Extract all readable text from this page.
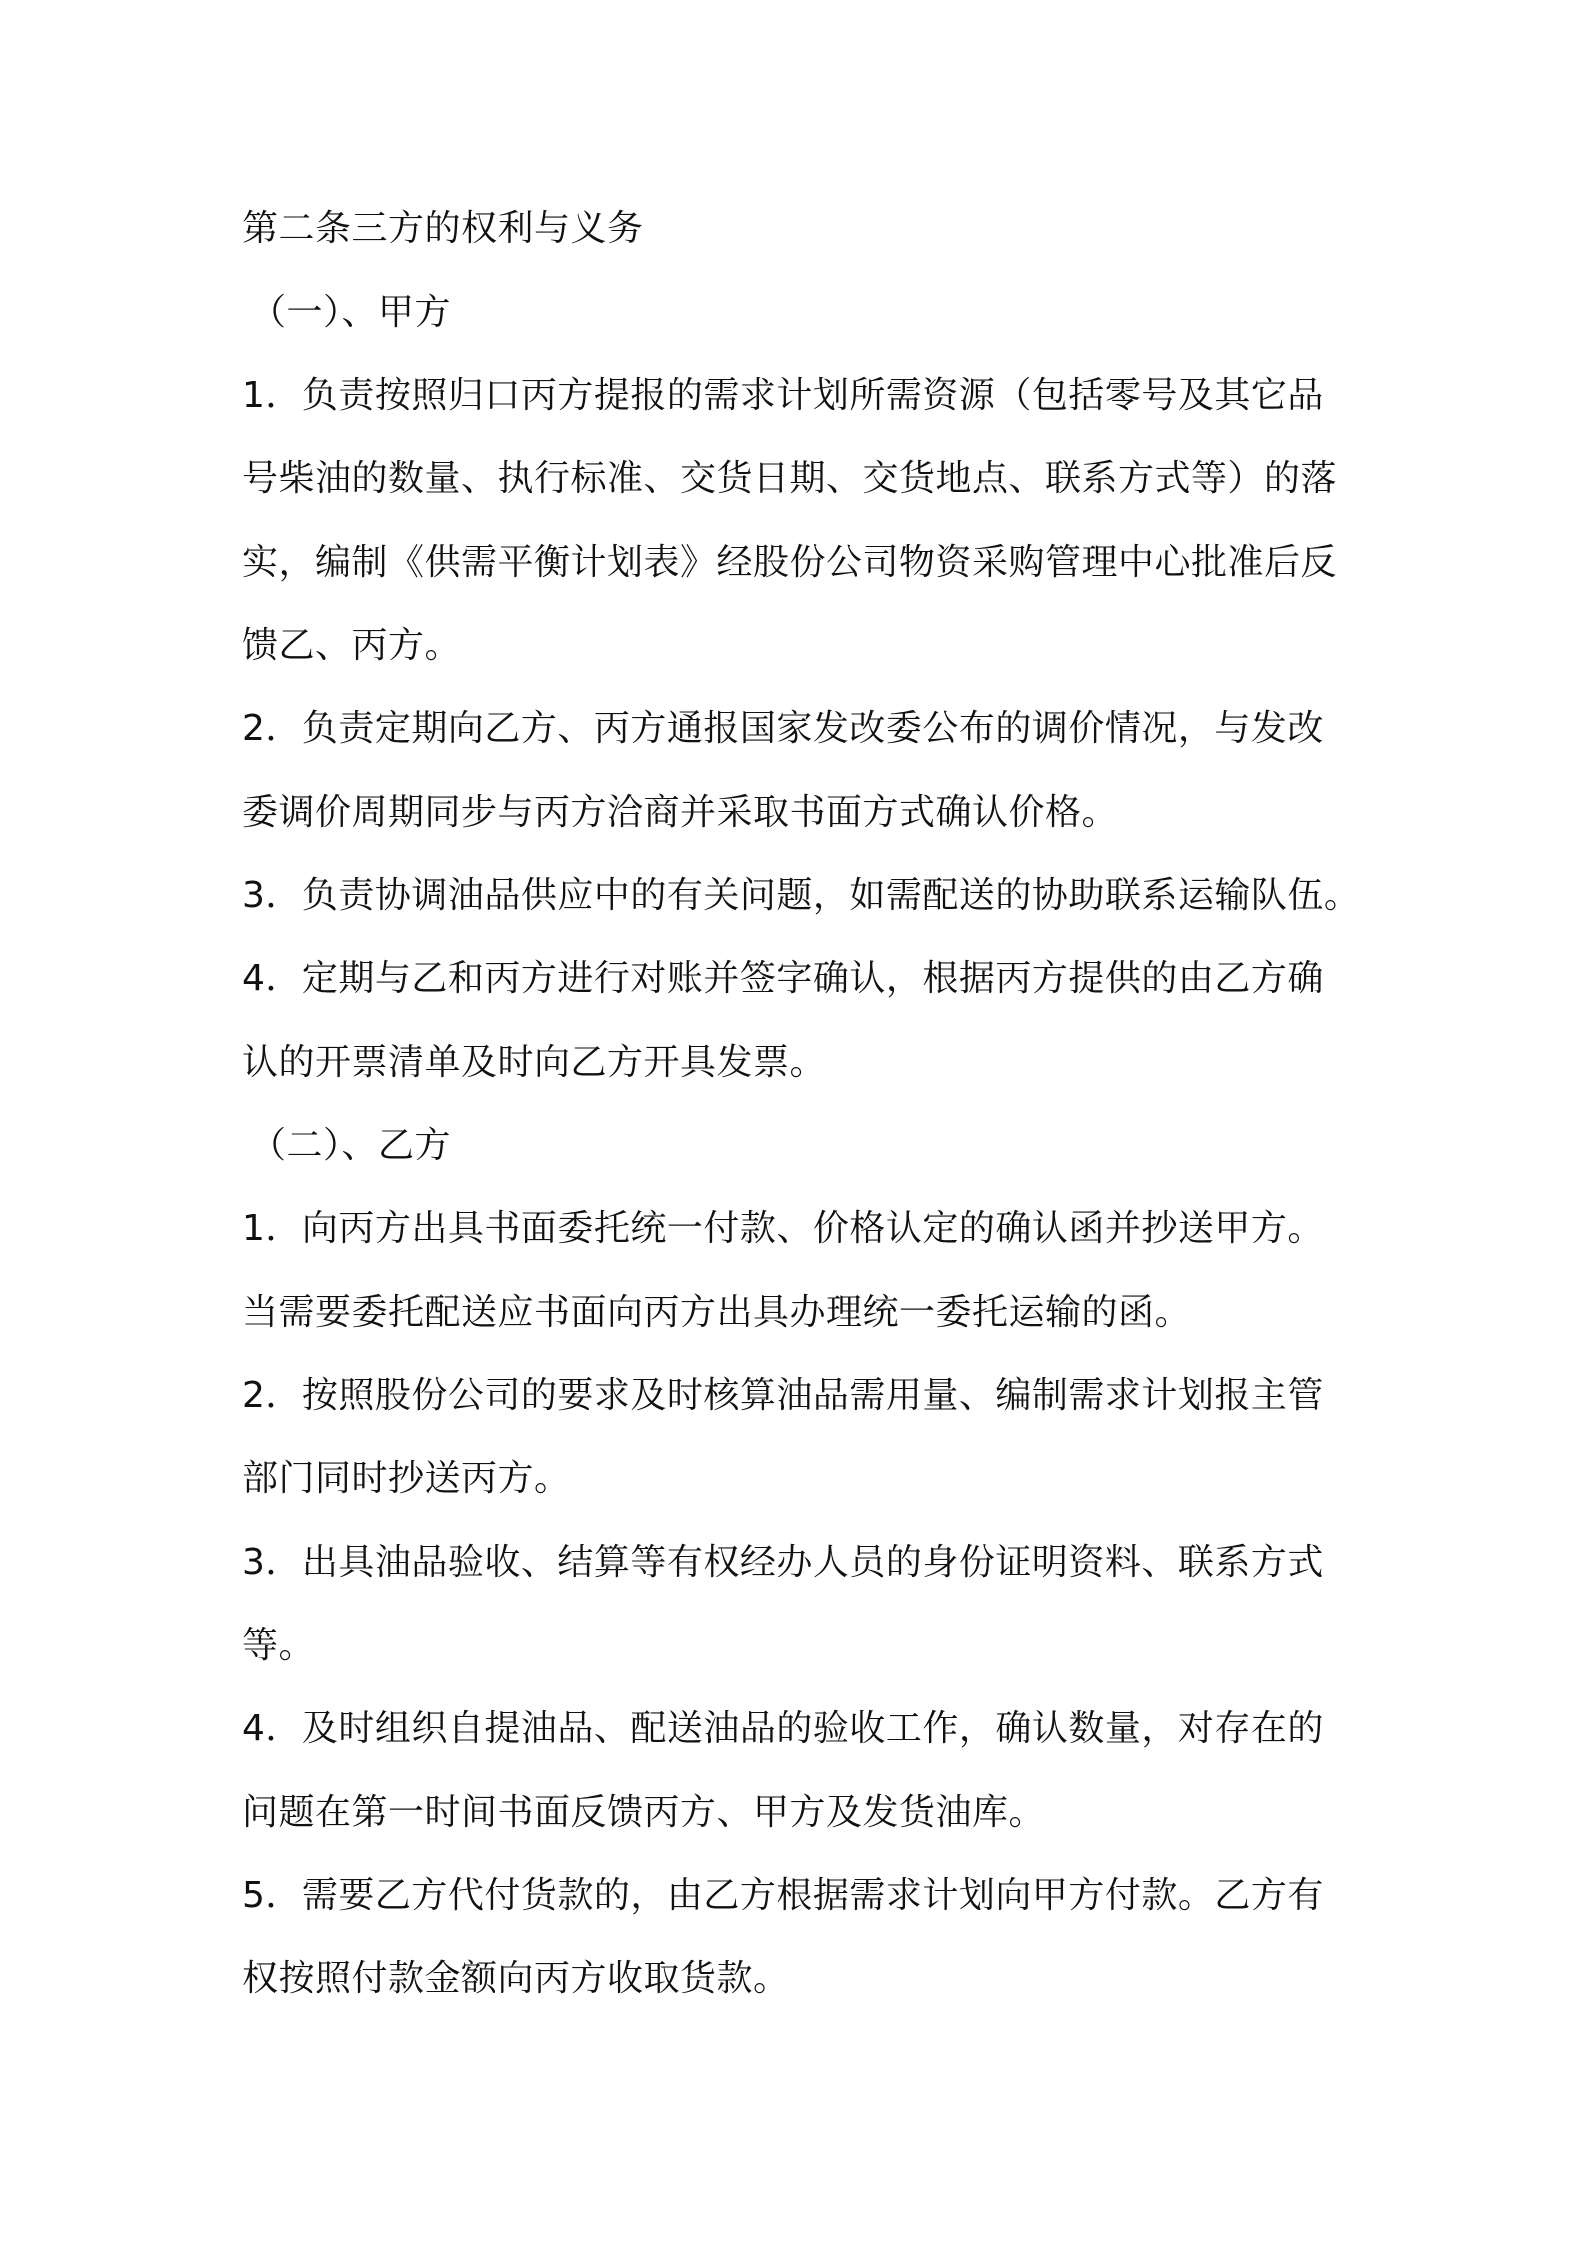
第二条三方的权利与义务
（一）、甲方
1．负责按照归口丙方提报的需求计划所需资源（包括零号及其它品
号柴油的数量、执行标准、交货日期、交货地点、联系方式等）的落
实，编制《供需平衡计划表》经股份公司物资采购管理中心批准后反
馈乙、丙方。
2．负责定期向乙方、丙方通报国家发改委公布的调价情况，与发改
委调价周期同步与丙方洽商并采取书面方式确认价格。
3．负责协调油品供应中的有关问题，如需配送的协助联系运输队伍。
4．定期与乙和丙方进行对账并签字确认，根据丙方提供的由乙方确
认的开票清单及时向乙方开具发票。
（二）、乙方
1．向丙方出具书面委托统一付款、价格认定的确认函并抄送甲方。
当需要委托配送应书面向丙方出具办理统一委托运输的函。
2．按照股份公司的要求及时核算油品需用量、编制需求计划报主管
部门同时抄送丙方。
3．出具油品验收、结算等有权经办人员的身份证明资料、联系方式
等。
4．及时组织自提油品、配送油品的验收工作，确认数量，对存在的
问题在第一时间书面反馈丙方、甲方及发货油库。
5．需要乙方代付货款的，由乙方根据需求计划向甲方付款。乙方有
权按照付款金额向丙方收取货款。
